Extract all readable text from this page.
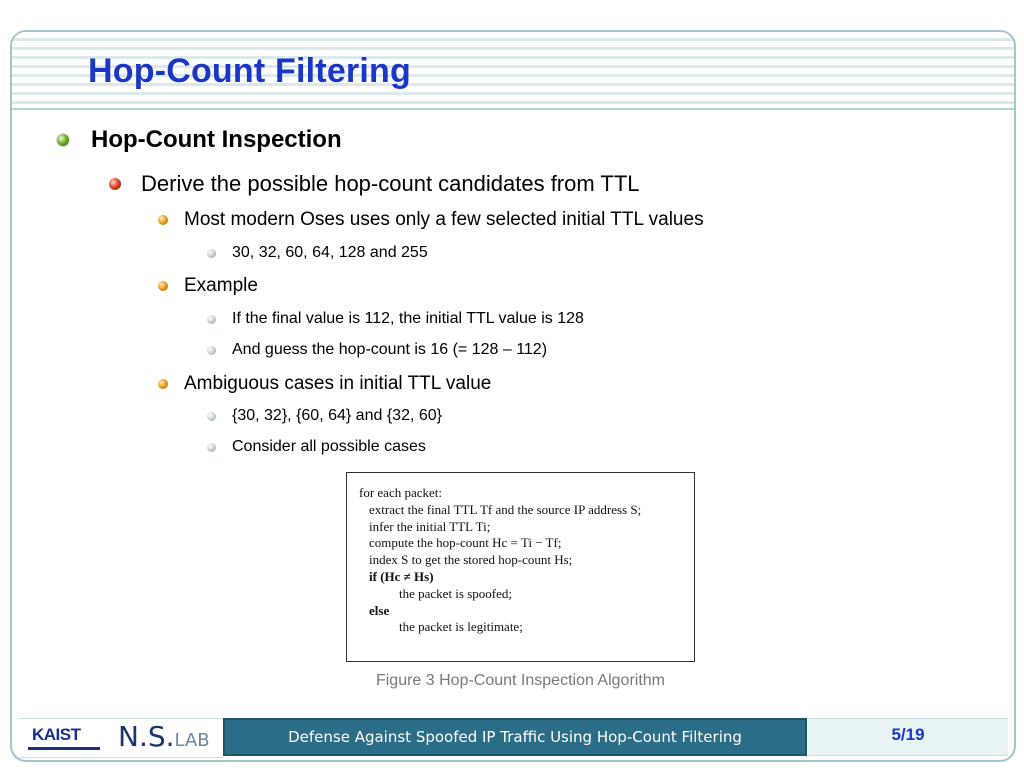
Hop-Count Filtering
Hop-Count Inspection
Derive the possible hop-count candidates from TTL
Most modern Oses uses only a few selected initial TTL values
30, 32, 60, 64, 128 and 255
Example
If the final value is 112, the initial TTL value is 128
And guess the hop-count is 16 (= 128 – 112)
Ambiguous cases in initial TTL value
{30, 32}, {60, 64} and {32, 60}
Consider all possible cases
for each packet:
extract the final TTL Tf and the source IP address S;
infer the initial TTL Ti;
compute the hop-count Hc = Ti − Tf;
index S to get the stored hop-count Hs;
if (Hc ≠ Hs)
the packet is spoofed;
else
the packet is legitimate;
Figure 3 Hop-Count Inspection Algorithm
KAIST N.S.LAB	Defense Against Spoofed IP Traffic Using Hop-Count Filtering	5/19
